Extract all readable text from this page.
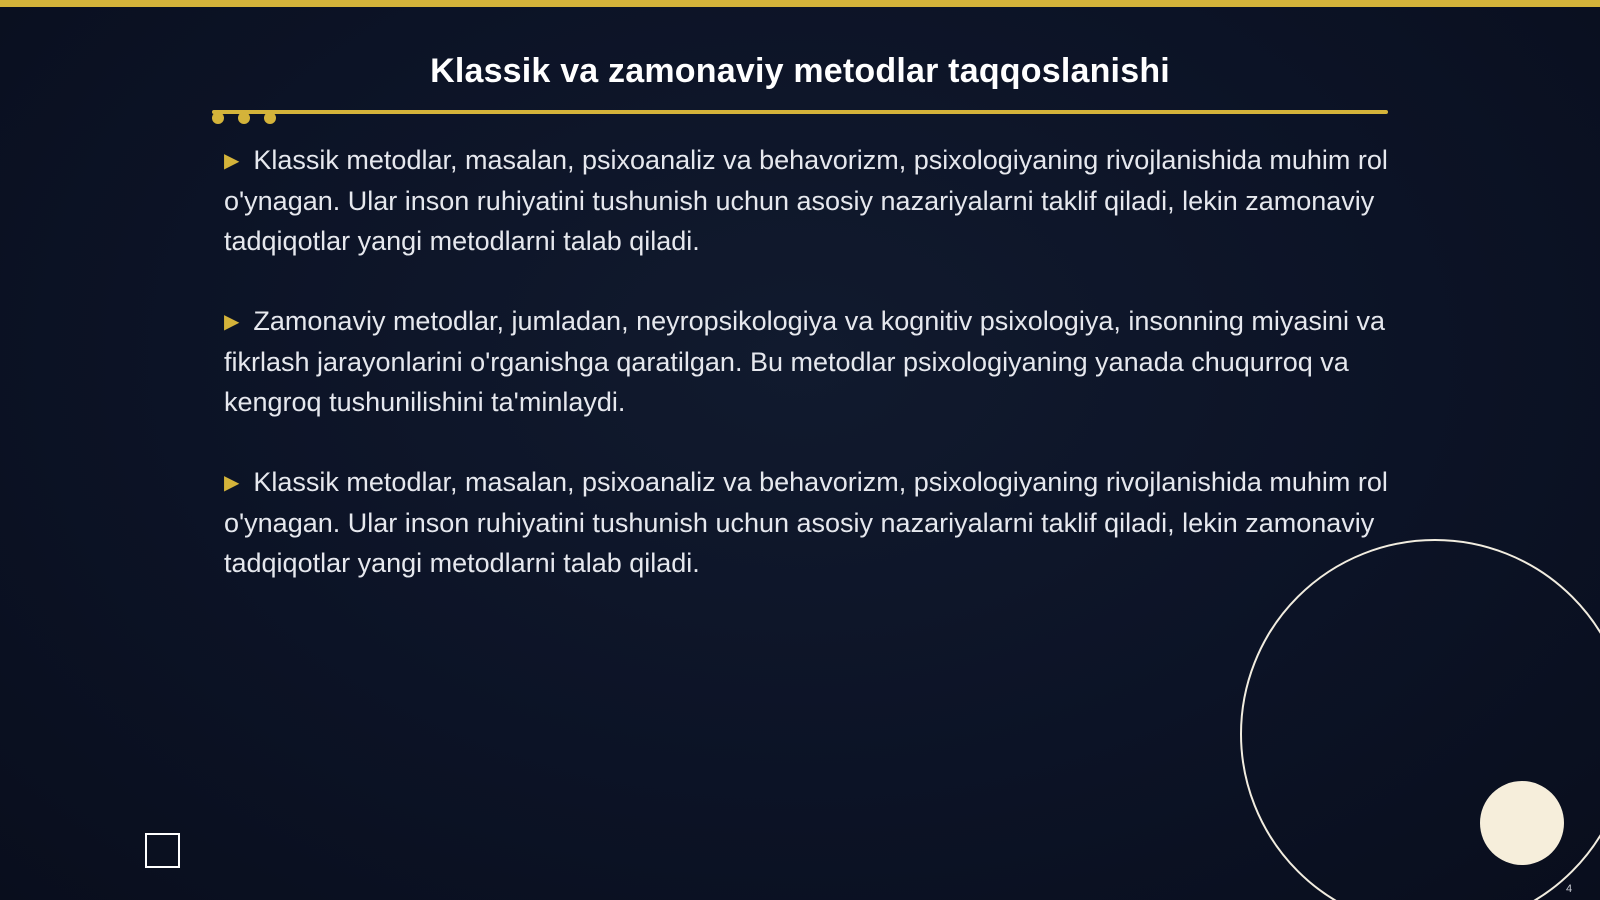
Klassik va zamonaviy metodlar taqqoslanishi
▶ Klassik metodlar, masalan, psixoanaliz va behavorizm, psixologiyaning rivojlanishida muhim rol o'ynagan. Ular inson ruhiyatini tushunish uchun asosiy nazariyalarni taklif qiladi, lekin zamonaviy tadqiqotlar yangi metodlarni talab qiladi.
▶ Zamonaviy metodlar, jumladan, neyropsikologiya va kognitiv psixologiya, insonning miyasini va fikrlash jarayonlarini o'rganishga qaratilgan. Bu metodlar psixologiyaning yanada chuqurroq va kengroq tushunilishini ta'minlaydi.
▶ Klassik metodlar, masalan, psixoanaliz va behavorizm, psixologiyaning rivojlanishida muhim rol o'ynagan. Ular inson ruhiyatini tushunish uchun asosiy nazariyalarni taklif qiladi, lekin zamonaviy tadqiqotlar yangi metodlarni talab qiladi.
4
